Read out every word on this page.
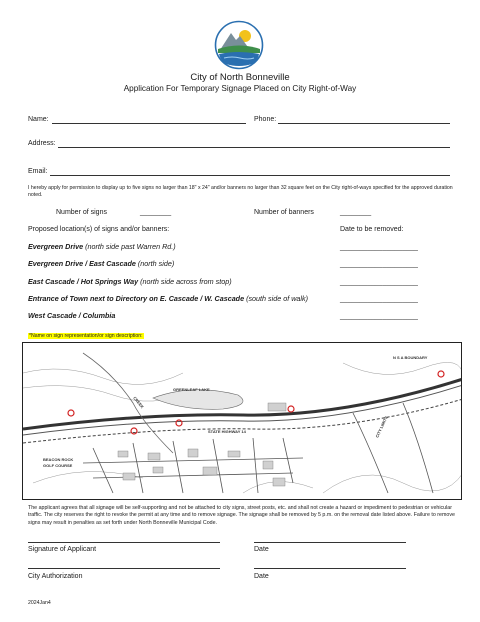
City of North Bonneville
Application For Temporary Signage Placed on City Right-of-Way
Name:	Phone:
Address:
Email:
I hereby apply for permission to display up to five signs no larger than 18" x 24" and/or banners no larger than 32 square feet on the City right-of-ways specified for the approved duration noted.
Number of signs	________	Number of banners	________
Proposed location(s) of signs and/or banners:	Date to be removed:
Evergreen Drive (north side past Warren Rd.)	____________________
Evergreen Drive / East Cascade (north side)	____________________
East Cascade / Hot Springs Way (north side across from stop)	____________________
Entrance of Town next to Directory on E. Cascade / W. Cascade (south side of walk)	____________________
West Cascade / Columbia	____________________
*Name on sign representation/or sign description:
GREENLEAF LAKE
STATE HIGHWAY 14
BEACON ROCK
GOLF COURSE
CITY LIMITS
CREEK
N S A BOUNDARY
The applicant agrees that all signage will be self-supporting and not be attached to city signs, street posts, etc. and shall not create a hazard or impediment to pedestrian or vehicular traffic. The city reserves the right to revoke the permit at any time and to remove signage. The signage shall be removed by 5 p.m. on the removal date listed above. Failure to remove signs may result in penalties as set forth under North Bonneville Municipal Code.
Signature of Applicant	Date
City Authorization	Date
2024Jan4
